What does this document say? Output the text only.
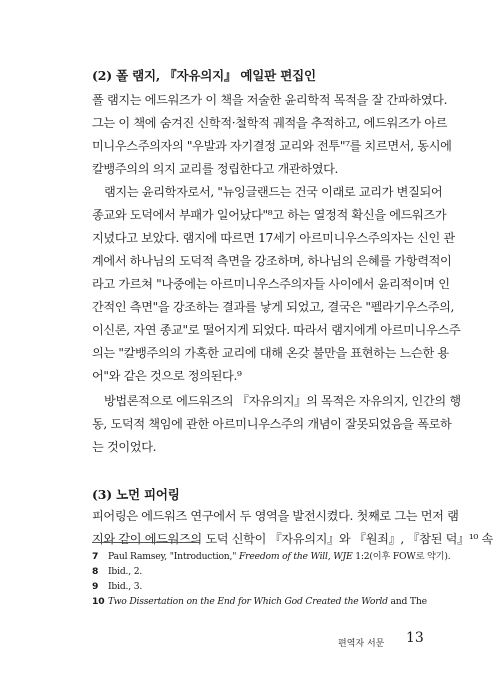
(2) 폴 램지, 『자유의지』 예일판 편집인
폴 램지는 에드워즈가 이 책을 저술한 윤리학적 목적을 잘 간파하였다.
그는 이 책에 숨겨진 신학적·철학적 궤적을 추적하고, 에드워즈가 아르
미니우스주의자의 "우발과 자기결정 교리와 전투"⁷를 치르면서, 동시에
칼뱅주의의 의지 교리를 정립한다고 개관하였다.
램지는 윤리학자로서, "뉴잉글랜드는 건국 이래로 교리가 변질되어
종교와 도덕에서 부패가 일어났다"⁸고 하는 열정적 확신을 에드워즈가
지녔다고 보았다. 램지에 따르면 17세기 아르미니우스주의자는 신인 관
계에서 하나님의 도덕적 측면을 강조하며, 하나님의 은혜를 가항력적이
라고 가르쳐 "나중에는 아르미니우스주의자들 사이에서 윤리적이며 인
간적인 측면"을 강조하는 결과를 낳게 되었고, 결국은 "펠라기우스주의,
이신론, 자연 종교"로 떨어지게 되었다. 따라서 램지에게 아르미니우스주
의는 "칼뱅주의의 가혹한 교리에 대해 온갖 불만을 표현하는 느슨한 용
어"와 같은 것으로 정의된다.⁹
방법론적으로 에드워즈의 『자유의지』의 목적은 자유의지, 인간의 행
동, 도덕적 책임에 관한 아르미니우스주의 개념이 잘못되었음을 폭로하
는 것이었다.
(3) 노먼 피어링
피어링은 에드워즈 연구에서 두 영역을 발전시켰다. 첫째로 그는 먼저 램
지와 같이 에드워즈의 도덕 신학이 『자유의지』와 『원죄』, 『참된 덕』¹⁰ 속
7 Paul Ramsey, "Introduction," Freedom of the Will, WJE 1:2(이후 FOW로 약기).
8 Ibid., 2.
9 Ibid., 3.
10 Two Dissertation on the End for Which God Created the World and The
편역자 서문 13
